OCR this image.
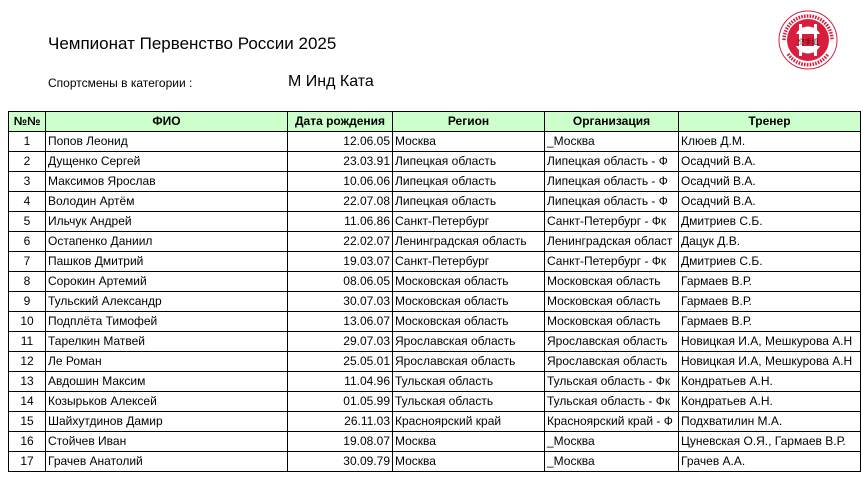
Чемпионат Первенство России 2025
Спортсмены в категории :	М Инд Ката
空手道
№№	ФИО	Дата рождения	Регион	Организация	Тренер
1	Попов Леонид	12.06.05	Москва	_Москва	Клюев Д.М.
2	Дущенко Сергей	23.03.91	Липецкая область	Липецкая область - Ф	Осадчий В.А.
3	Максимов Ярослав	10.06.06	Липецкая область	Липецкая область - Ф	Осадчий В.А.
4	Володин Артём	22.07.08	Липецкая область	Липецкая область - Ф	Осадчий В.А.
5	Ильчук Андрей	11.06.86	Санкт-Петербург	Санкт-Петербург - Фк	Дмитриев С.Б.
6	Остапенко Даниил	22.02.07	Ленинградская область	Ленинградская област	Дацук Д.В.
7	Пашков Дмитрий	19.03.07	Санкт-Петербург	Санкт-Петербург - Фк	Дмитриев С.Б.
8	Сорокин Артемий	08.06.05	Московская область	Московская область	Гармаев В.Р.
9	Тульский Александр	30.07.03	Московская область	Московская область	Гармаев В.Р.
10	Подплёта Тимофей	13.06.07	Московская область	Московская область	Гармаев В.Р.
11	Тарелкин Матвей	29.07.03	Ярославская область	Ярославская область	Новицкая И.А, Мешкурова А.Н
12	Ле Роман	25.05.01	Ярославская область	Ярославская область	Новицкая И.А, Мешкурова А.Н
13	Авдошин Максим	11.04.96	Тульская область	Тульская область - Фк	Кондратьев А.Н.
14	Козырьков Алексей	01.05.99	Тульская область	Тульская область - Фк	Кондратьев А.Н.
15	Шайхутдинов Дамир	26.11.03	Красноярский край	Красноярский край - Ф	Подхватилин М.А.
16	Стойчев Иван	19.08.07	Москва	_Москва	Цуневская О.Я., Гармаев В.Р.
17	Грачев Анатолий	30.09.79	Москва	_Москва	Грачев А.А.
